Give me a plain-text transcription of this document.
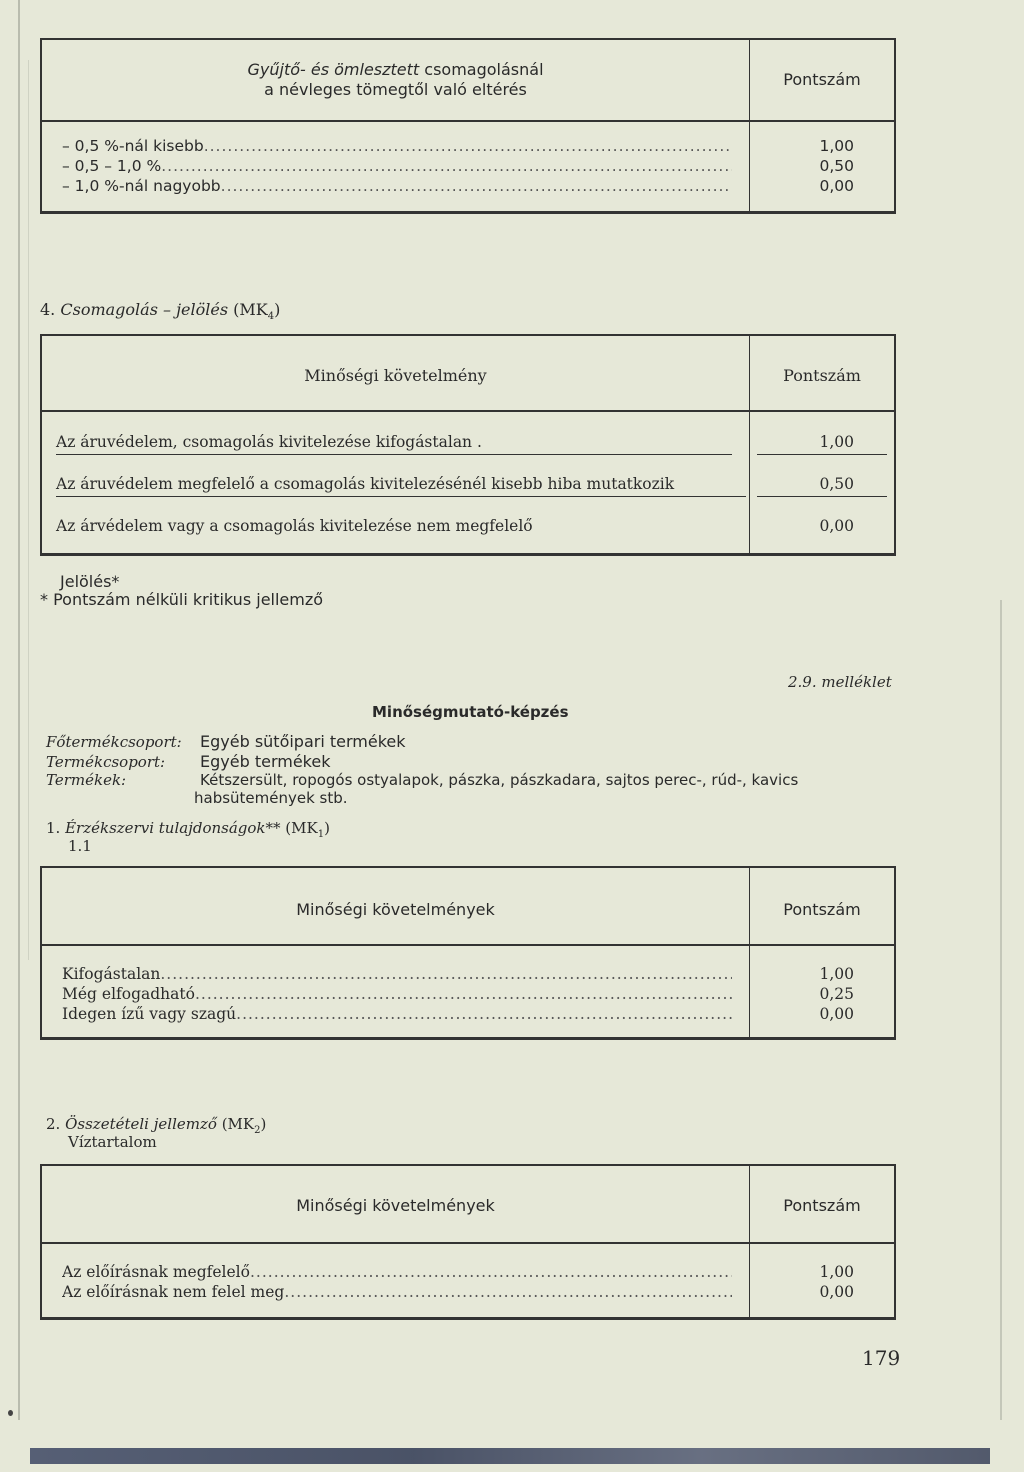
Gyűjtő- és ömlesztett csomagolásnál
a névleges tömegtől való eltérés
Pontszám
– 0,5 %-nál kisebb .....	1,00
– 0,5 – 1,0 % .....	0,50
– 1,0 %-nál nagyobb .....	0,00
4. Csomagolás – jelölés $(MK_4)$
Minőségi követelmény	Pontszám
Az áruvédelem, csomagolás kivitelezése kifogástalan .	1,00
Az áruvédelem megfelelő a csomagolás kivitelezésénél kisebb hiba mutatkozik	0,50
Az árvédelem vagy a csomagolás kivitelezése nem megfelelő	0,00
Jelölés*
* Pontszám nélküli kritikus jellemző
2.9. melléklet
Minőségmutató-képzés
Főtermékcsoport: Egyéb sütőipari termékek
Termékcsoport: Egyéb termékek
Termékek:	Kétszersült, ropogós ostyalapok, pászka, pászkadara, sajtos perec-, rúd-, kavics
habsütemények stb.
1. Érzékszervi tulajdonságok** $(MK_1)$
1.1
Minőségi követelmények	Pontszám
Kifogástalan .....	1,00
Még elfogadható .....	0,25
Idegen ízű vagy szagú .....	0,00
2. Összetételi jellemző $(MK_2)$
Víztartalom
Minőségi követelmények	Pontszám
Az előírásnak megfelelő .....	1,00
Az előírásnak nem felel meg .....	0,00
179
